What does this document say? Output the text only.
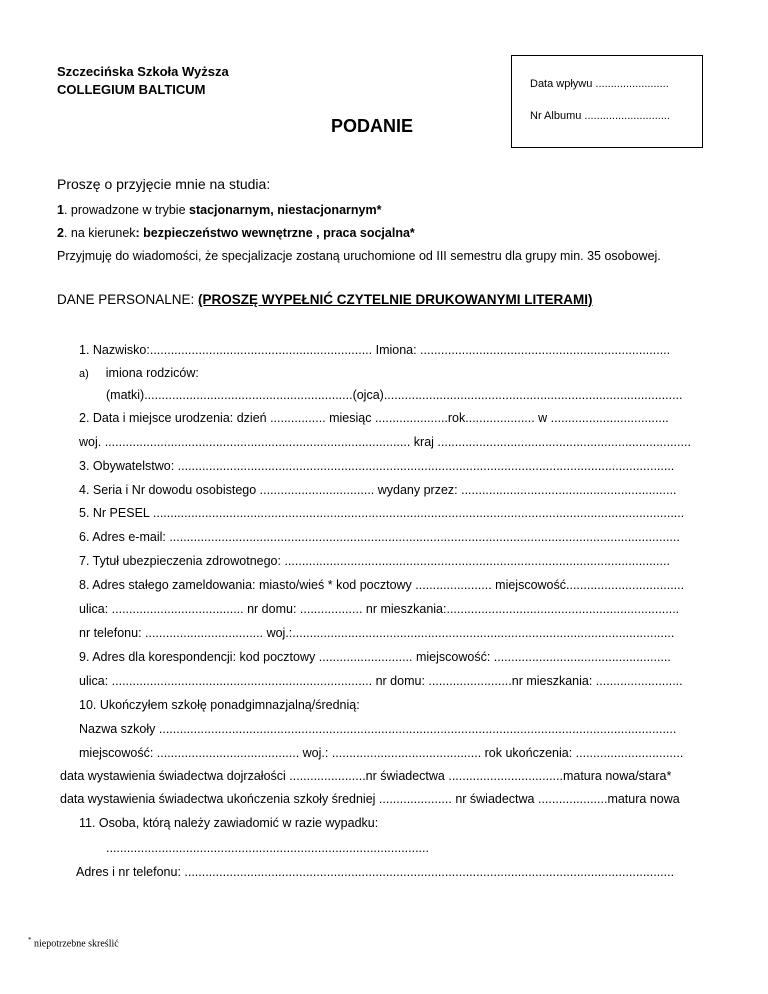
Szczecińska Szkoła Wyższa
COLLEGIUM BALTICUM	Data wpływu ........................
Nr Albumu ............................
PODANIE
Proszę o przyjęcie mnie na studia:
1. prowadzone w trybie stacjonarnym, niestacjonarnym*
2. na kierunek: bezpieczeństwo wewnętrzne , praca socjalna*
Przyjmuję do wiadomości, że specjalizacje zostaną uruchomione od III semestru dla grupy min. 35 osobowej.
DANE PERSONALNE: (PROSZĘ WYPEŁNIĆ CZYTELNIE DRUKOWANYMI LITERAMI)
1. Nazwisko:................................................................ Imiona: ........................................................................
a) imiona rodziców:
(matki)............................................................(ojca)......................................................................................
2. Data i miejsce urodzenia: dzień ................ miesiąc .....................rok.................... w ..................................
woj. ........................................................................................ kraj .........................................................................
3. Obywatelstwo: ...............................................................................................................................................
4. Seria i Nr dowodu osobistego ................................. wydany przez: ..............................................................
5. Nr PESEL .........................................................................................................................................................
6. Adres e-mail: ...................................................................................................................................................
7. Tytuł ubezpieczenia zdrowotnego: ...............................................................................................................
8. Adres stałego zameldowania: miasto/wieś * kod pocztowy ...................... miejscowość..................................
ulica: ...................................... nr domu: .................. nr mieszkania:...................................................................
nr telefonu: .................................. woj.:..............................................................................................................
9. Adres dla korespondencji: kod pocztowy ........................... miejscowość: ...................................................
ulica: ........................................................................... nr domu: ........................nr mieszkania: .........................
10. Ukończyłem szkołę ponadgimnazjalną/średnią:
Nazwa szkoły .....................................................................................................................................................
miejscowość: ......................................... woj.: ........................................... rok ukończenia: ...............................
data wystawienia świadectwa dojrzałości ......................nr świadectwa .................................matura nowa/stara*
data wystawienia świadectwa ukończenia szkoły średniej ..................... nr świadectwa ....................matura nowa
11. Osoba, którą należy zawiadomić w razie wypadku:
.............................................................................................
Adres i nr telefonu: .............................................................................................................................................
* niepotrzebne skreślić
